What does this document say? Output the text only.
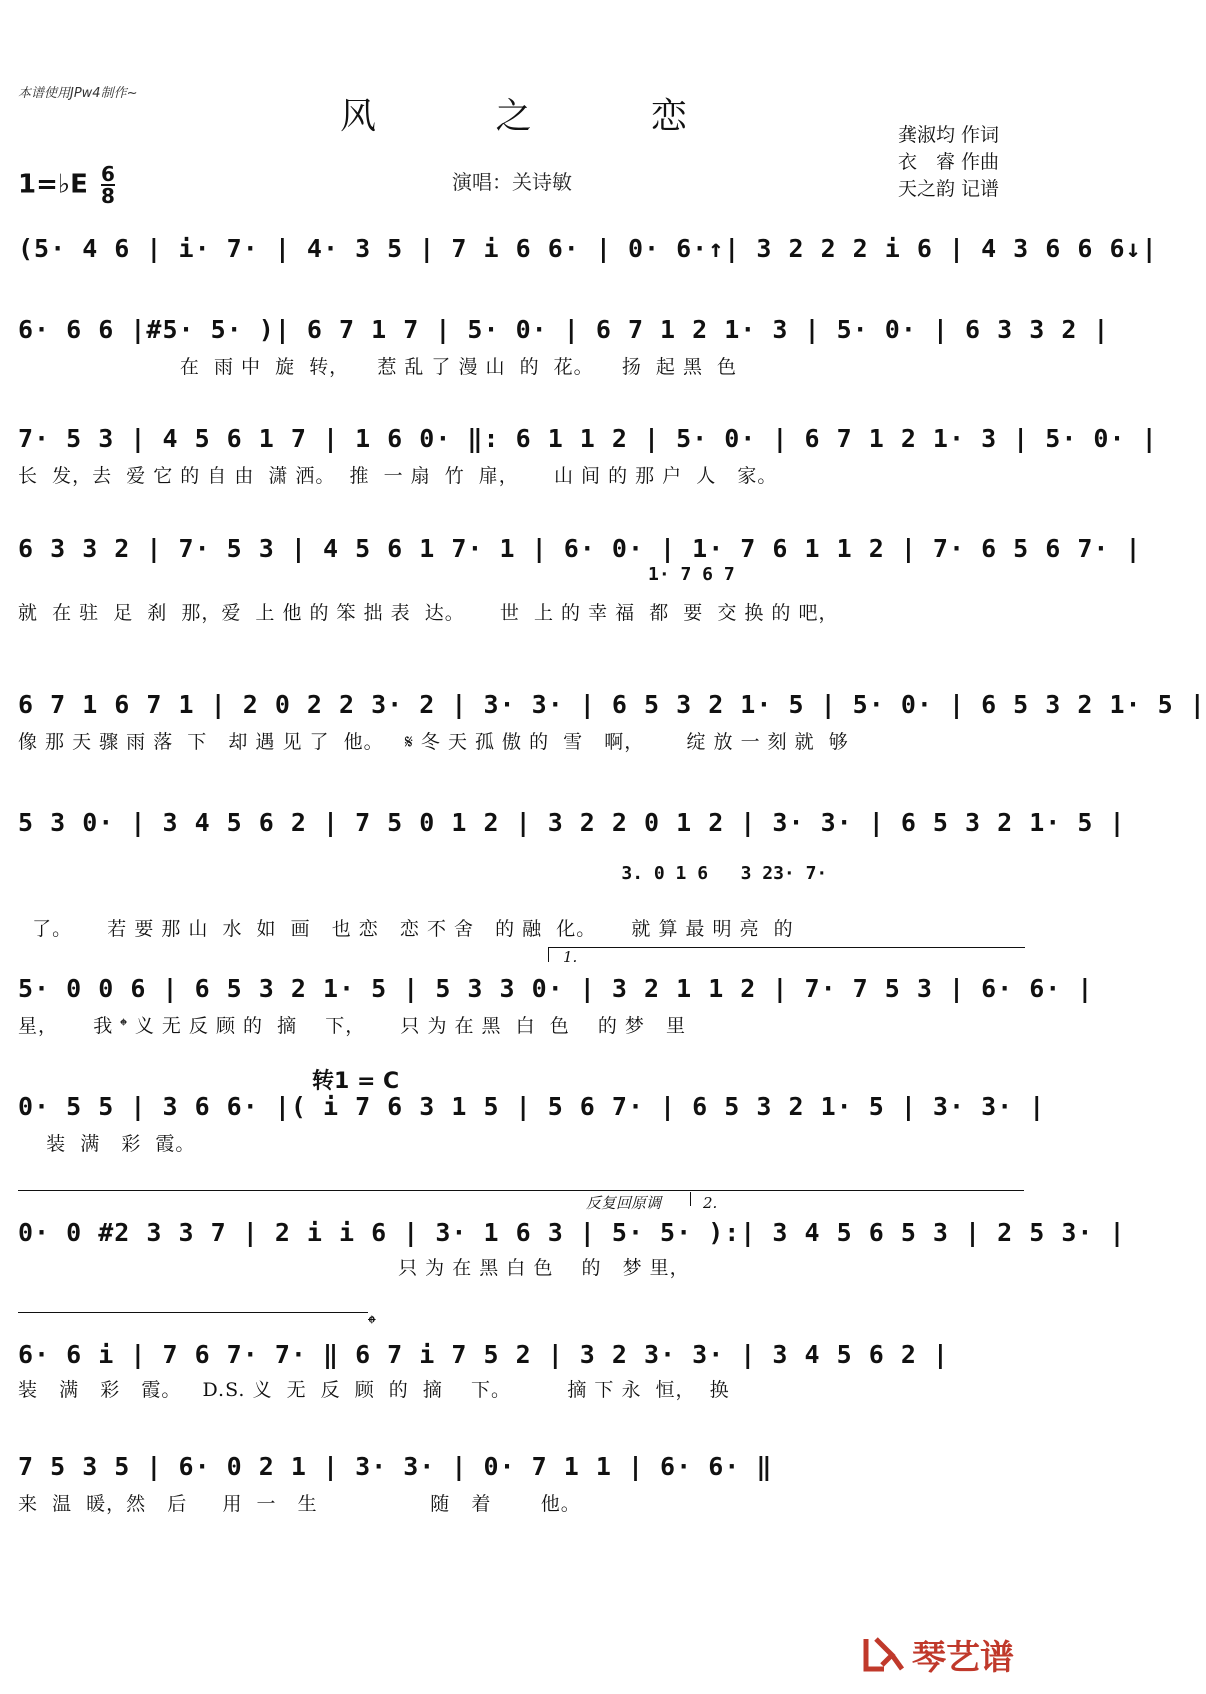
本谱使用JPw4制作~
风	之	恋	龚淑均 作词
衣　睿 作曲
天之韵 记谱
1=♭E $\frac{6}{8}$	演唱：关诗敏
(5· 4 6 | i· 7· | 4· 3 5 | 7 i 6 6· | 0· 6·↑| 3 2 2 2 i 6 | 4 3 6 6 6↓|
6· 6 6 |#5· 5· )| 6 7 1 7 | 5· 0· | 6 7 1 2 1· 3 | 5· 0· | 6 3 3 2 |
在  雨 中  旋  转，    惹 乱 了 漫 山  的  花。    扬  起 黑  色
7· 5 3 | 4 5 6 1 7 | 1 6 0· ‖: 6 1 1 2 | 5· 0· | 6 7 1 2 1· 3 | 5· 0· |
长  发，去  爱 它 的 自 由  潇 洒。  推  一 扇  竹  扉，     山 间 的 那 户  人   家。
6 3 3 2 | 7· 5 3 | 4 5 6 1 7· 1 | 6· 0· | 1· 7 6 1 1 2 | 7· 6 5 6 7· |
1· 7 6 7
就  在 驻  足  刹  那，爱  上 他 的 笨 拙 表  达。     世  上 的 幸 福  都  要  交 换 的 吧，
6 7 1 6 7 1 | 2 0 2 2 3· 2 | 3· 3· | 6 5 3 2 1· 5 | 5· 0· | 6 5 3 2 1· 5 |
像 那 天 骤 雨 落  下   却 遇 见 了  他。   𝄋 冬 天 孤 傲 的  雪   啊，      绽 放 一 刻 就  够
5 3 0· | 3 4 5 6 2 | 7 5 0 1 2 | 3 2 2 0 1 2 | 3· 3· | 6 5 3 2 1· 5 |

3. 0 1 6 3 23· 7·

了。     若 要 那 山  水  如  画   也 恋   恋 不 舍   的 融  化。     就 算 最 明 亮  的
1.
5· 0 0 6 | 6 5 3 2 1· 5 | 5 3 3 0· | 3 2 1 1 2 | 7· 7 5 3 | 6· 6· |
星，     我 𝄌 义 无 反 顾 的  摘    下，     只 为 在 黑  白  色    的 梦   里
转1 = C
0· 5 5 | 3 6 6· |( i 7 6 3 1 5 | 5 6 7· | 6 5 3 2 1· 5 | 3· 3· |
装  满   彩  霞。
反复回原调	2.
0· 0 #2 3 3 7 | 2 i i 6 | 3· 1 6 3 | 5· 5· ):| 3 4 5 6 5 3 | 2 5 3· |
只 为 在 黑 白 色    的   梦 里，
𝄌
6· 6 i | 7 6 7· 7· ‖ 6 7 i 7 5 2 | 3 2 3· 3· | 3 4 5 6 2 |
装   满   彩   霞。   D.S. 义  无  反  顾  的  摘    下。        摘 下 永  恒，  换
7 5 3 5 | 6· 0 2 1 | 3· 3· | 0· 7 1 1 | 6· 6· ‖
来  温  暖，然   后     用  一   生                随   着       他。
琴艺谱
